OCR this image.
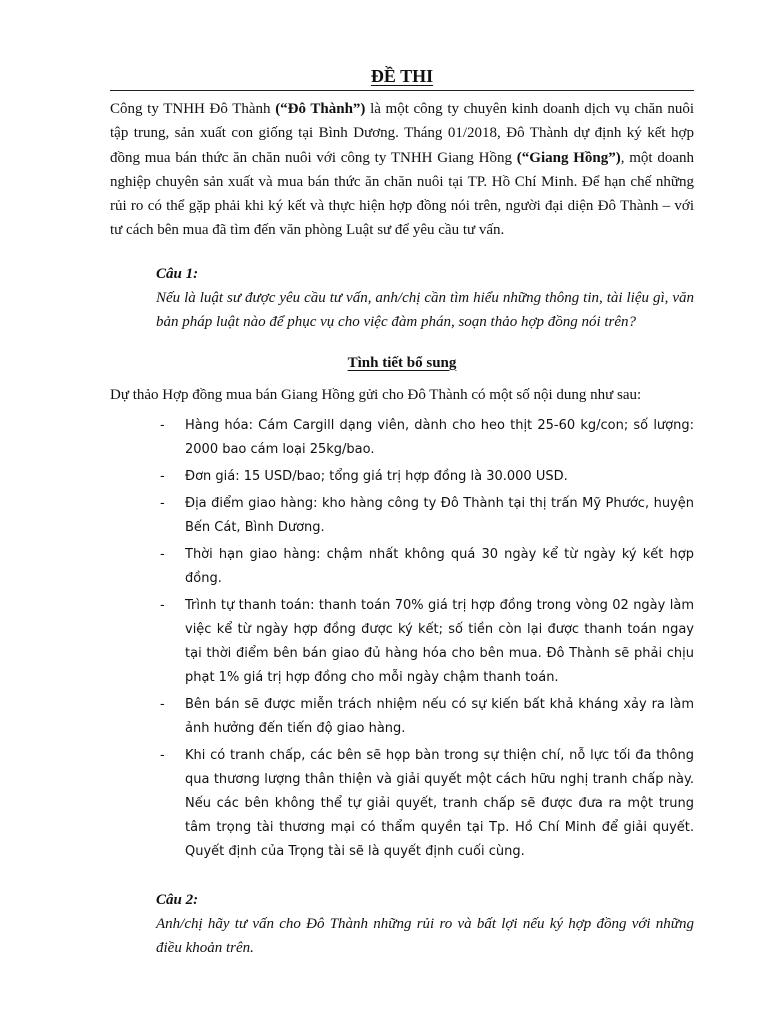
ĐỀ THI

Công ty TNHH Đô Thành (“Đô Thành”) là một công ty chuyên kinh doanh dịch vụ chăn nuôi tập trung, sản xuất con giống tại Bình Dương. Tháng 01/2018, Đô Thành dự định ký kết hợp đồng mua bán thức ăn chăn nuôi với công ty TNHH Giang Hồng (“Giang Hồng”), một doanh nghiệp chuyên sản xuất và mua bán thức ăn chăn nuôi tại TP. Hồ Chí Minh. Để hạn chế những rủi ro có thể gặp phải khi ký kết và thực hiện hợp đồng nói trên, người đại diện Đô Thành – với tư cách bên mua đã tìm đến văn phòng Luật sư để yêu cầu tư vấn.

Câu 1:
Nếu là luật sư được yêu cầu tư vấn, anh/chị cần tìm hiểu những thông tin, tài liệu gì, văn bản pháp luật nào để phục vụ cho việc đàm phán, soạn thảo hợp đồng nói trên?
Tình tiết bổ sung

Dự thảo Hợp đồng mua bán Giang Hồng gửi cho Đô Thành có một số nội dung như sau:

- Hàng hóa: Cám Cargill dạng viên, dành cho heo thịt 25-60 kg/con; số lượng: 2000 bao cám loại 25kg/bao.
- Đơn giá: 15 USD/bao; tổng giá trị hợp đồng là 30.000 USD.
- Địa điểm giao hàng: kho hàng công ty Đô Thành tại thị trấn Mỹ Phước, huyện Bến Cát, Bình Dương.
- Thời hạn giao hàng: chậm nhất không quá 30 ngày kể từ ngày ký kết hợp đồng.
- Trình tự thanh toán: thanh toán 70% giá trị hợp đồng trong vòng 02 ngày làm việc kể từ ngày hợp đồng được ký kết; số tiền còn lại được thanh toán ngay tại thời điểm bên bán giao đủ hàng hóa cho bên mua. Đô Thành sẽ phải chịu phạt 1% giá trị hợp đồng cho mỗi ngày chậm thanh toán.
- Bên bán sẽ được miễn trách nhiệm nếu có sự kiến bất khả kháng xảy ra làm ảnh hưởng đến tiến độ giao hàng.
- Khi có tranh chấp, các bên sẽ họp bàn trong sự thiện chí, nỗ lực tối đa thông qua thương lượng thân thiện và giải quyết một cách hữu nghị tranh chấp này. Nếu các bên không thể tự giải quyết, tranh chấp sẽ được đưa ra một trung tâm trọng tài thương mại có thẩm quyền tại Tp. Hồ Chí Minh để giải quyết. Quyết định của Trọng tài sẽ là quyết định cuối cùng.
Câu 2:
Anh/chị hãy tư vấn cho Đô Thành những rủi ro và bất lợi nếu ký hợp đồng với những điều khoản trên.
